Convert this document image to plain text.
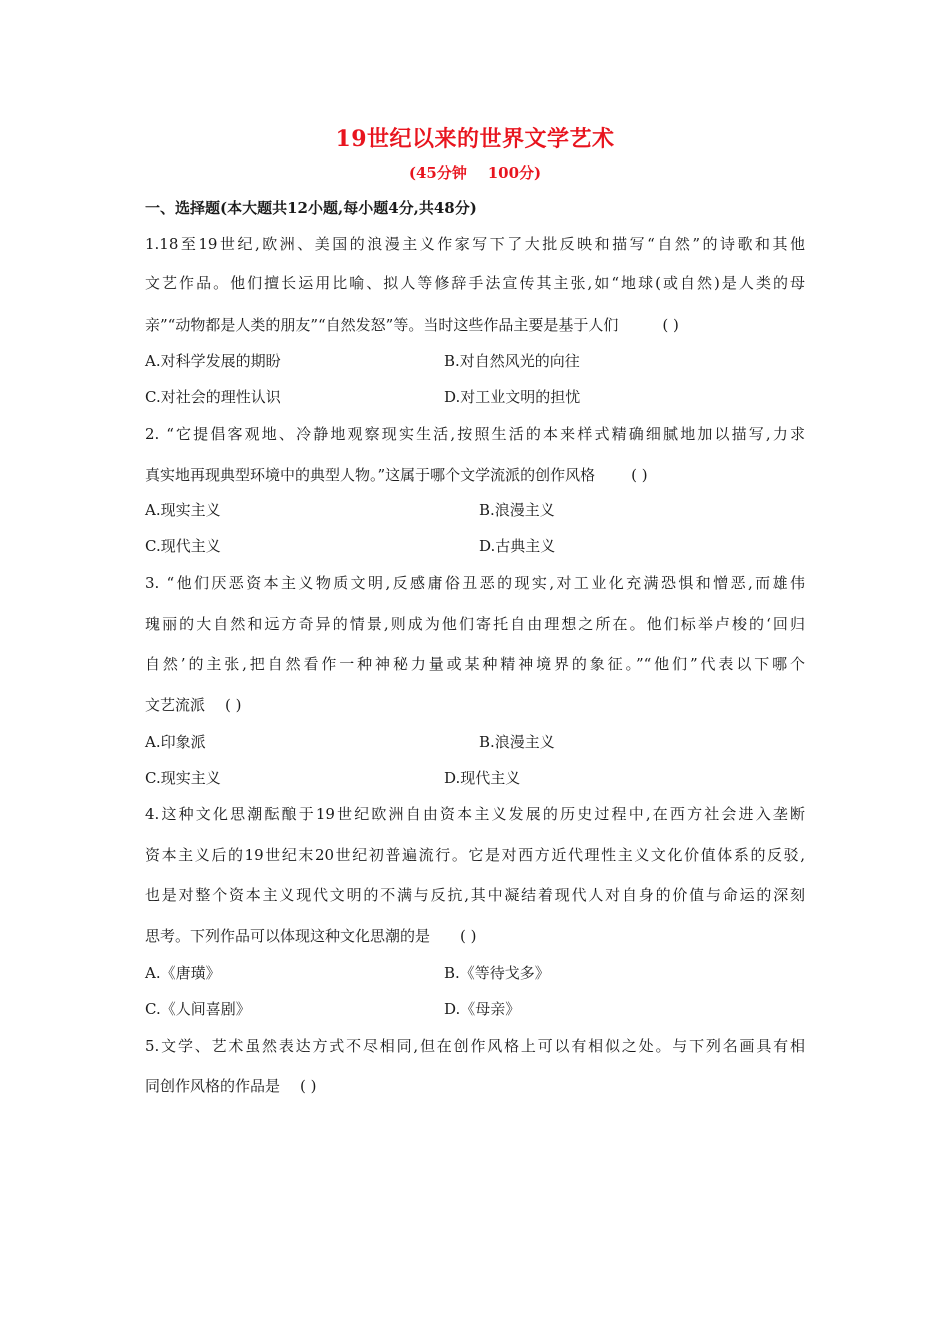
19世纪以来的世界文学艺术
(45分钟    100分)
一、选择题(本大题共12小题,每小题4分,共48分)
1.18至19世纪,欧洲、美国的浪漫主义作家写下了大批反映和描写“自然”的诗歌和其他
文艺作品。他们擅长运用比喻、拟人等修辞手法宣传其主张,如“地球(或自然)是人类的母
亲”“动物都是人类的朋友”“自然发怒”等。当时这些作品主要是基于人们	( )
A.对科学发展的期盼	B.对自然风光的向往
C.对社会的理性认识	D.对工业文明的担忧
2. “它提倡客观地、冷静地观察现实生活,按照生活的本来样式精确细腻地加以描写,力求
真实地再现典型环境中的典型人物。”这属于哪个文学流派的创作风格 ( )
A.现实主义	B.浪漫主义
C.现代主义	D.古典主义
3. “他们厌恶资本主义物质文明,反感庸俗丑恶的现实,对工业化充满恐惧和憎恶,而雄伟
瑰丽的大自然和远方奇异的情景,则成为他们寄托自由理想之所在。他们标举卢梭的‘回归
自然’的主张,把自然看作一种神秘力量或某种精神境界的象征。”“他们”代表以下哪个
文艺流派 ( )
A.印象派	B.浪漫主义
C.现实主义	D.现代主义
4.这种文化思潮酝酿于19世纪欧洲自由资本主义发展的历史过程中,在西方社会进入垄断
资本主义后的19世纪末20世纪初普遍流行。它是对西方近代理性主义文化价值体系的反驳,
也是对整个资本主义现代文明的不满与反抗,其中凝结着现代人对自身的价值与命运的深刻
思考。下列作品可以体现这种文化思潮的是 ( )
A.《唐璜》	B.《等待戈多》
C.《人间喜剧》	D.《母亲》
5.文学、艺术虽然表达方式不尽相同,但在创作风格上可以有相似之处。与下列名画具有相
同创作风格的作品是 ( )
